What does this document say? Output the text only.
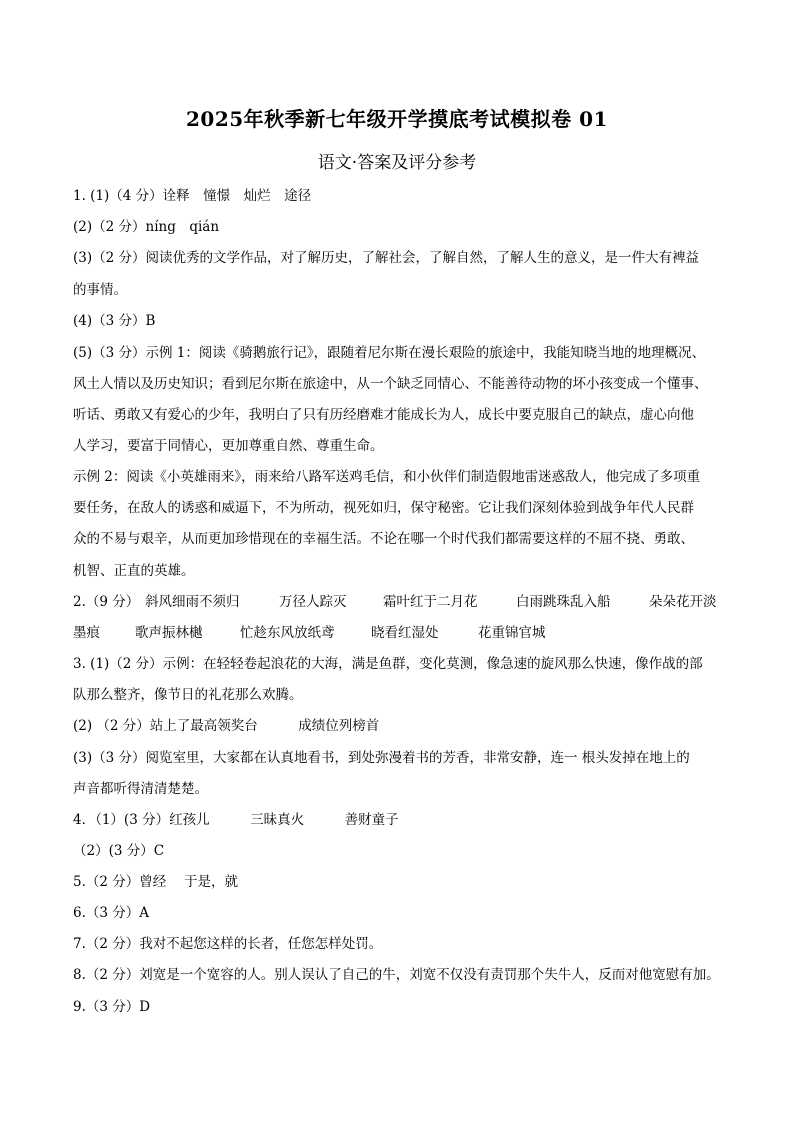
2025年秋季新七年级开学摸底考试模拟卷 01
语文·答案及评分参考
1. (1)（4 分）诠释　憧憬　灿烂　途径
(2)（2 分）níng　qián
(3)（2 分）阅读优秀的文学作品，对了解历史，了解社会，了解自然，了解人生的意义，是一件大有裨益
的事情。
(4)（3 分）B
(5)（3 分）示例 1：阅读《骑鹅旅行记》，跟随着尼尔斯在漫长艰险的旅途中，我能知晓当地的地理概况、
风土人情以及历史知识；看到尼尔斯在旅途中，从一个缺乏同情心、不能善待动物的坏小孩变成一个懂事、
听话、勇敢又有爱心的少年，我明白了只有历经磨难才能成长为人，成长中要克服自己的缺点，虚心向他
人学习，要富于同情心，更加尊重自然、尊重生命。
示例 2：阅读《小英雄雨来》，雨来给八路军送鸡毛信，和小伙伴们制造假地雷迷惑敌人，他完成了多项重
要任务，在敌人的诱惑和威逼下，不为所动，视死如归，保守秘密。它让我们深刻体验到战争年代人民群
众的不易与艰辛，从而更加珍惜现在的幸福生活。不论在哪一个时代我们都需要这样的不屈不挠、勇敢、
机智、正直的英雄。
2.（9 分） 斜风细雨不须归	万径人踪灭	霜叶红于二月花	白雨跳珠乱入船	朵朵花开淡
墨痕	歌声振林樾	忙趁东风放纸鸢	晓看红湿处	花重锦官城
3. (1)（2 分）示例：在轻轻卷起浪花的大海，满是鱼群，变化莫测，像急速的旋风那么快速，像作战的部
队那么整齐，像节日的礼花那么欢腾。
(2) （2 分）站上了最高领奖台　　　成绩位列榜首
(3)（3 分）阅览室里，大家都在认真地看书，到处弥漫着书的芳香，非常安静，连一 根头发掉在地上的
声音都听得清清楚楚。
4．（1）(3 分）红孩儿　　　三昧真火　　　善财童子
（2）(3 分）C
5.（2 分）曾经　 于是，就
6.（3 分）A
7.（2 分）我对不起您这样的长者，任您怎样处罚。
8.（2 分）刘宽是一个宽容的人。别人误认了自己的牛，刘宽不仅没有责罚那个失牛人，反而对他宽慰有加。
9.（3 分）D
